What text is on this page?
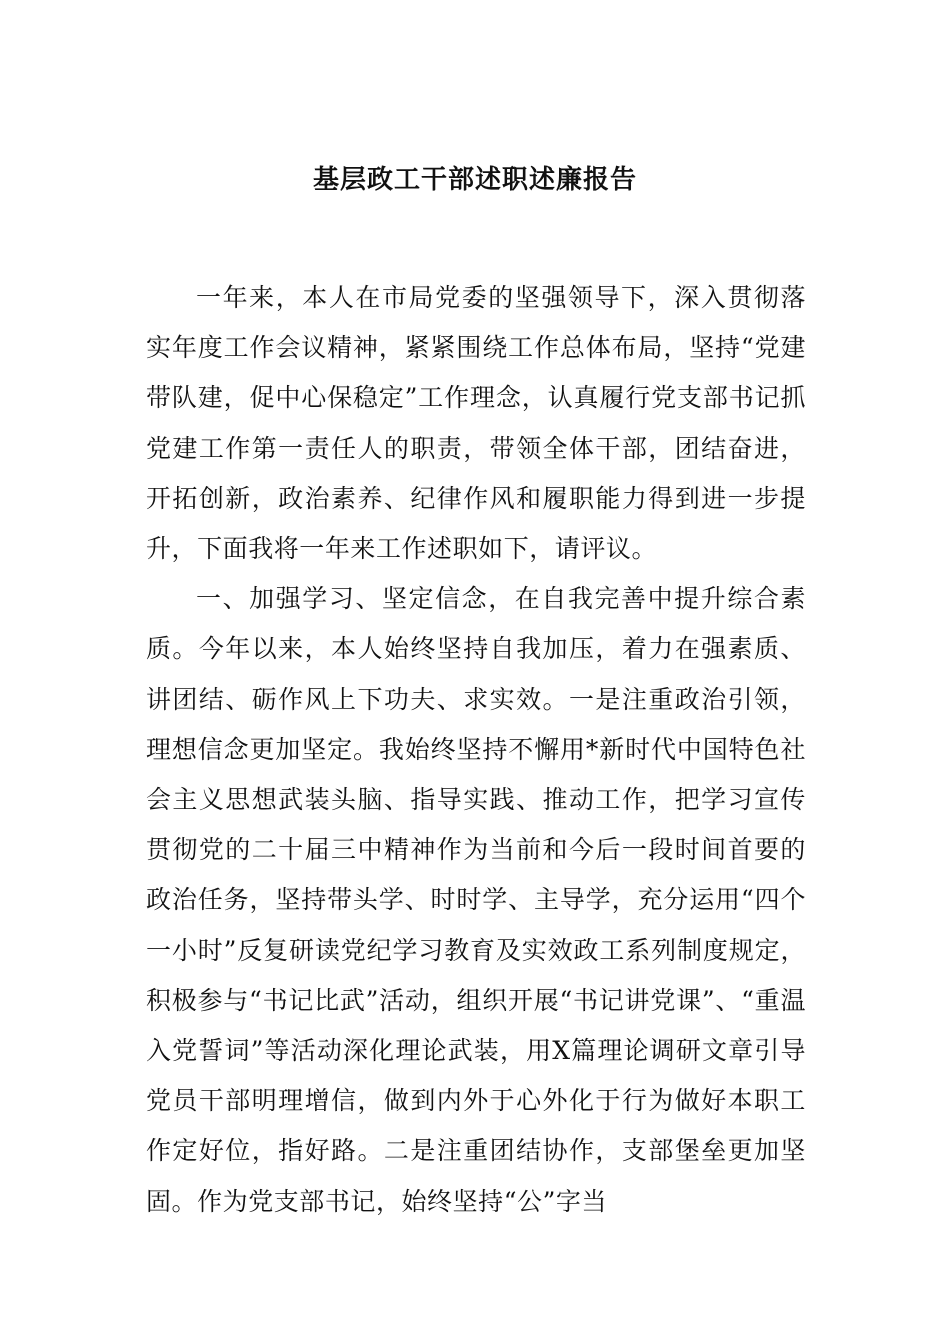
基层政工干部述职述廉报告

一年来，本人在市局党委的坚强领导下，深入贯彻落实年度工作会议精神，紧紧围绕工作总体布局，坚持“党建带队建，促中心保稳定”工作理念，认真履行党支部书记抓党建工作第一责任人的职责，带领全体干部，团结奋进，开拓创新，政治素养、纪律作风和履职能力得到进一步提升，下面我将一年来工作述职如下，请评议。

一、加强学习、坚定信念，在自我完善中提升综合素质。今年以来，本人始终坚持自我加压，着力在强素质、讲团结、砺作风上下功夫、求实效。一是注重政治引领，理想信念更加坚定。我始终坚持不懈用*新时代中国特色社会主义思想武装头脑、指导实践、推动工作，把学习宣传贯彻党的二十届三中精神作为当前和今后一段时间首要的政治任务，坚持带头学、时时学、主导学，充分运用“四个一小时”反复研读党纪学习教育及实效政工系列制度规定，积极参与“书记比武”活动，组织开展“书记讲党课”、“重温入党誓词”等活动深化理论武装，用X篇理论调研文章引导党员干部明理增信，做到内外于心外化于行为做好本职工作定好位，指好路。二是注重团结协作，支部堡垒更加坚固。作为党支部书记，始终坚持“公”字当
